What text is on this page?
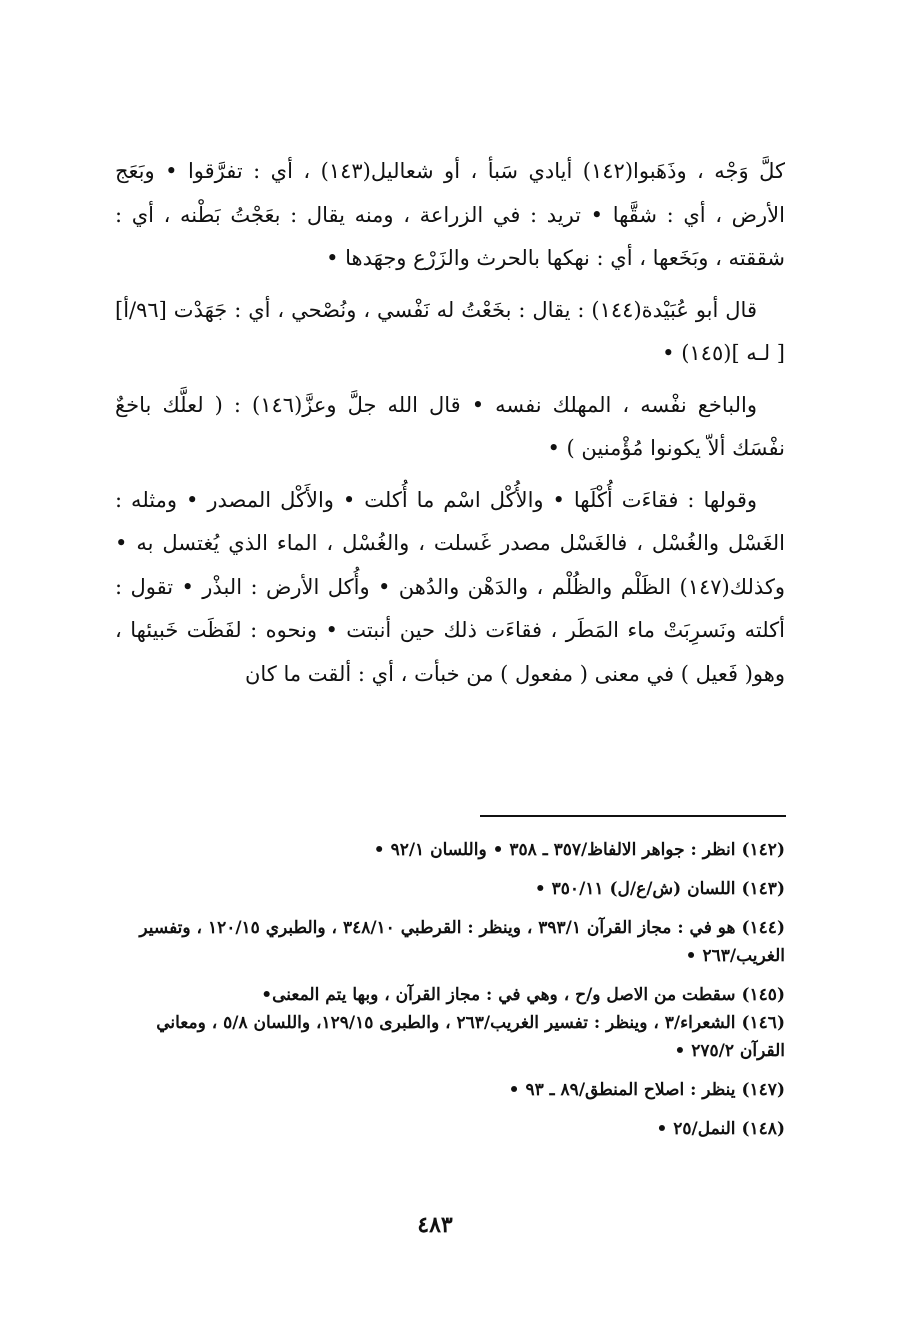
كلَّ وَجْه ، وذَهَبوا(١٤٢) أيادي سَبأ ، أو شعاليل(١٤٣) ، أي : تفرَّقوا • وبَعَج الأرض ، أي : شقَّها • تريد : في الزراعة ، ومنه يقال : بعَجْتُ بَطْنه ، أي : شققته ، وبَخَعها ، أي : نهكها بالحرث والزَرْع وجهَدها •

قال أبو عُبَيْدة(١٤٤) : يقال : بخَعْتُ له نَفْسي ، ونُصْحي ، أي : جَهَدْت [٩٦/أ] [ لـه ](١٤٥) •

والباخع نفْسه ، المهلك نفسه • قال الله جلَّ وعزَّ(١٤٦) : ( لعلَّك باخعٌ نفْسَك ألاّ يكونوا مُؤْمنين ) •

وقولها : فقاءَت أُكْلَها • والأُكْل اسْم ما أُكلت • والأَكْل المصدر • ومثله : الغَسْل والغُسْل ، فالغَسْل مصدر غَسلت ، والغُسْل ، الماء الذي يُغتسل به • وكذلك(١٤٧) الظَلْم والظُلْم ، والدَهْن والدُهن • وأُكل الأرض : البذْر • تقول : أكلته ونَسرِبَتْ ماء المَطَر ، فقاءَت ذلك حين أنبتت • ونحوه : لفَظَت خَبيئها ، وهو( فَعيل ) في معنى ( مفعول ) من خبأت ، أي : ألقت ما كان

(١٤٢)انظر : جواهر الالفاظ/٣٥٧ ـ ٣٥٨ • واللسان ٩٢/١ •

(١٤٣)اللسان (ش/ع/ل) ٣٥٠/١١ •

(١٤٤)هو في : مجاز القرآن ٣٩٣/١ ، وينظر : القرطبي ٣٤٨/١٠ ، والطبري ١٢٠/١٥ ، وتفسير الغريب/٢٦٣ •

(١٤٥)سقطت من الاصل و/ح ، وهي في : مجاز القرآن ، وبها يتم المعنى•

(١٤٦)الشعراء/٣ ، وينظر : تفسير الغريب/٢٦٣ ، والطبرى ١٢٩/١٥، واللسان ٥/٨ ، ومعاني القرآن ٢٧٥/٢ •

(١٤٧)ينظر : اصلاح المنطق/٨٩ ـ ٩٣ •

(١٤٨)النمل/٢٥ •

٤٨٣
